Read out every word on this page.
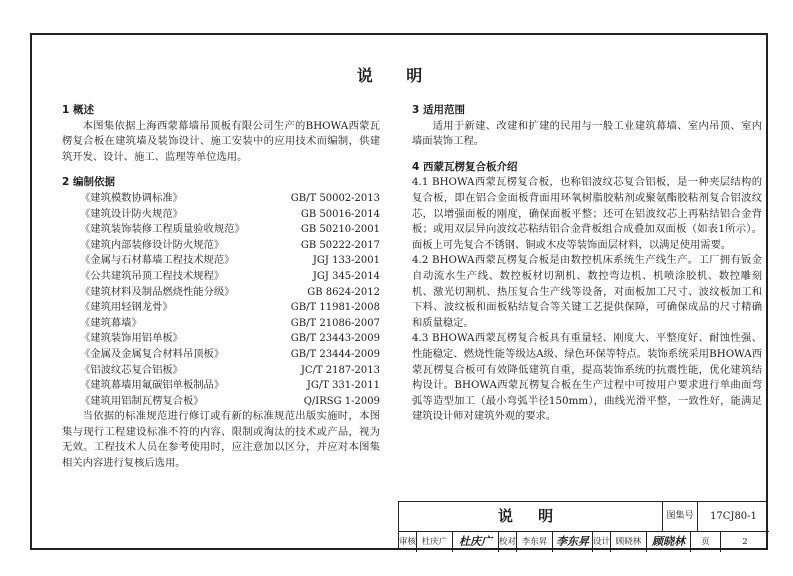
说 明

1 概述

本图集依据上海西蒙幕墙吊顶板有限公司生产的BHOWA西蒙瓦楞复合板在建筑墙及装饰设计、施工安装中的应用技术而编制，供建筑开发、设计、施工、监理等单位选用。

2 编制依据

《建筑模数协调标准》	GB/T 50002-2013
《建筑设计防火规范》	GB 50016-2014
《建筑装饰装修工程质量验收规范》	GB 50210-2001
《建筑内部装修设计防火规范》	GB 50222-2017
《金属与石材幕墙工程技术规范》	JGJ 133-2001
《公共建筑吊顶工程技术规程》	JGJ 345-2014
《建筑材料及制品燃烧性能分级》	GB 8624-2012
《建筑用轻钢龙骨》	GB/T 11981-2008
《建筑幕墙》	GB/T 21086-2007
《建筑装饰用铝单板》	GB/T 23443-2009
《金属及金属复合材料吊顶板》	GB/T 23444-2009
《铝波纹芯复合铝板》	JC/T 2187-2013
《建筑幕墙用氟碳铝单板制品》	JG/T 331-2011
《建筑用铝制瓦楞复合板》	Q/IRSG 1-2009

当依据的标准规范进行修订或有新的标准规范出版实施时，本图集与现行工程建设标准不符的内容、限制或淘汰的技术或产品，视为无效。工程技术人员在参考使用时，应注意加以区分，并应对本图集相关内容进行复核后选用。

3 适用范围

适用于新建、改建和扩建的民用与一般工业建筑幕墙、室内吊顶、室内墙面装饰工程。

4 西蒙瓦楞复合板介绍

4.1 BHOWA西蒙瓦楞复合板，也称铝波纹芯复合铝板，是一种夹层结构的复合板，即在铝合金面板背面用环氧树脂胶粘剂或聚氨酯胶粘剂复合铝波纹芯，以增强面板的刚度，确保面板平整；还可在铝波纹芯上再粘结铝合金背板；或用双层异向波纹芯粘结铝合金背板组合成叠加双面板（如表1所示）。面板上可先复合不锈钢、铜或木皮等装饰面层材料，以满足使用需要。

4.2 BHOWA西蒙瓦楞复合板是由数控机床系统生产线生产。工厂拥有钣金自动流水生产线、数控板材切割机、数控弯边机、机喷涂胶机、数控雕刻机、激光切割机、热压复合生产线等设备，对面板加工尺寸、波纹板加工和下料、波纹板和面板粘结复合等关键工艺提供保障，可确保成品的尺寸精确和质量稳定。

4.3 BHOWA西蒙瓦楞复合板具有重量轻、刚度大、平整度好、耐蚀性强、性能稳定、燃烧性能等级达A级、绿色环保等特点。装饰系统采用BHOWA西蒙瓦楞复合板可有效降低建筑自重，提高装饰系统的抗震性能，优化建筑结构设计。BHOWA西蒙瓦楞复合板在生产过程中可按用户要求进行单曲面弯弧等造型加工（最小弯弧半径150mm），曲线光滑平整，一致性好，能满足建筑设计师对建筑外观的要求。

说 明	图集号	17CJ80-1
审核 杜庆广	杜庆广 校对 李东昇 李东昇 设计 顾晓林 顾晓林	页	2
